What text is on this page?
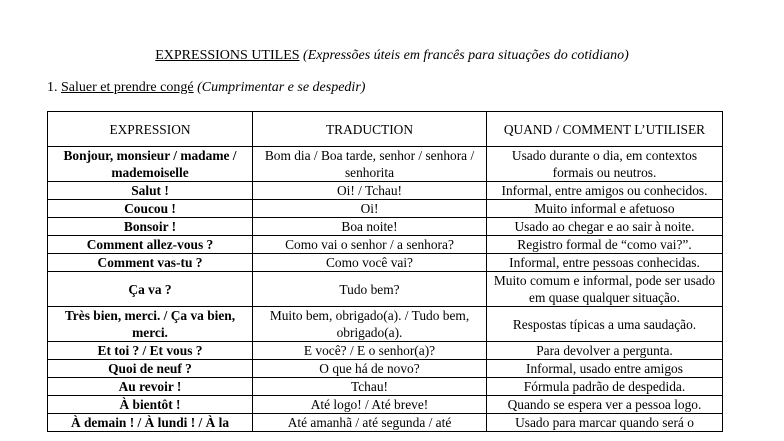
EXPRESSIONS UTILES (Expressões úteis em francês para situações do cotidiano)
1. Saluer et prendre congé (Cumprimentar e se despedir)
EXPRESSION	TRADUCTION	QUAND / COMMENT L’UTILISER
Bonjour, monsieur / madame / mademoiselle	Bom dia / Boa tarde, senhor / senhora / senhorita	Usado durante o dia, em contextos formais ou neutros.
Salut !	Oi! / Tchau!	Informal, entre amigos ou conhecidos.
Coucou !	Oi!	Muito informal e afetuoso
Bonsoir !	Boa noite!	Usado ao chegar e ao sair à noite.
Comment allez-vous ?	Como vai o senhor / a senhora?	Registro formal de “como vai?”.
Comment vas-tu ?	Como você vai?	Informal, entre pessoas conhecidas.
Ça va ?	Tudo bem?	Muito comum e informal, pode ser usado em quase qualquer situação.
Très bien, merci. / Ça va bien, merci.	Muito bem, obrigado(a). / Tudo bem, obrigado(a).	Respostas típicas a uma saudação.
Et toi ? / Et vous ?	E você? / E o senhor(a)?	Para devolver a pergunta.
Quoi de neuf ?	O que há de novo?	Informal, usado entre amigos
Au revoir !	Tchau!	Fórmula padrão de despedida.
À bientôt !	Até logo! / Até breve!	Quando se espera ver a pessoa logo.
À demain ! / À lundi ! / À la	Até amanhã / até segunda / até	Usado para marcar quando será o
